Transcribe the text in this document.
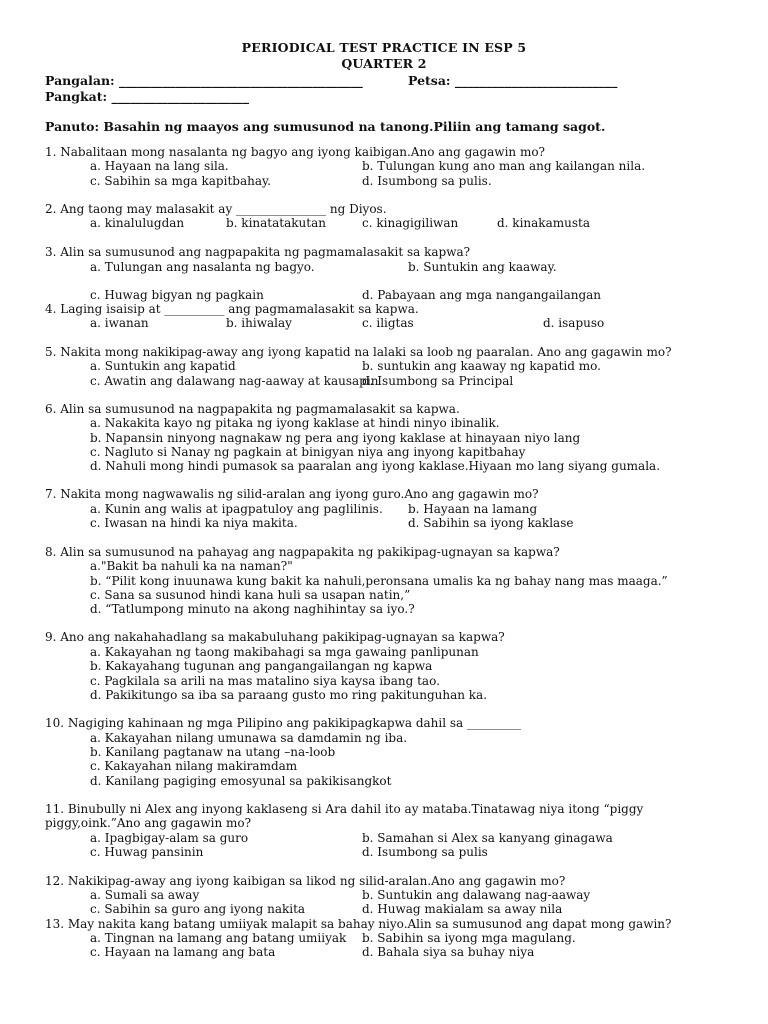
PERIODICAL TEST PRACTICE IN ESP 5
QUARTER 2
Pangalan: _______________________________________	Petsa: __________________________
Pangkat: ______________________
Panuto: Basahin ng maayos ang sumusunod na tanong.Piliin ang tamang sagot.
1. Nabalitaan mong nasalanta ng bagyo ang iyong kaibigan.Ano ang gagawin mo?
a. Hayaan na lang sila.	b. Tulungan kung ano man ang kailangan nila.
c. Sabihin sa mga kapitbahay.	d. Isumbong sa pulis.
2. Ang taong may malasakit ay _______________ ng Diyos.
a. kinalulugdan	b. kinatatakutan	c. kinagigiliwan	d. kinakamusta
3. Alin sa sumusunod ang nagpapakita ng pagmamalasakit sa kapwa?
a. Tulungan ang nasalanta ng bagyo.	b. Suntukin ang kaaway.
c. Huwag bigyan ng pagkain	d. Pabayaan ang mga nangangailangan
4. Laging isaisip at __________ ang pagmamalasakit sa kapwa.
a. iwanan	b. ihiwalay	c. iligtas	d. isapuso
5. Nakita mong nakikipag-away ang iyong kapatid na lalaki sa loob ng paaralan. Ano ang gagawin mo?
a. Suntukin ang kapatid	b. suntukin ang kaaway ng kapatid mo.
c. Awatin ang dalawang nag-aaway at kausapin
d. Isumbong sa Principal
6. Alin sa sumusunod na nagpapakita ng pagmamalasakit sa kapwa.
a. Nakakita kayo ng pitaka ng iyong kaklase at hindi ninyo ibinalik.
b. Napansin ninyong nagnakaw ng pera ang iyong kaklase at hinayaan niyo lang
c. Nagluto si Nanay ng pagkain at binigyan niya ang inyong kapitbahay
d. Nahuli mong hindi pumasok sa paaralan ang iyong kaklase.Hiyaan mo lang siyang gumala.
7. Nakita mong nagwawalis ng silid-aralan ang iyong guro.Ano ang gagawin mo?
a. Kunin ang walis at ipagpatuloy ang paglilinis. b. Hayaan na lamang
c. Iwasan na hindi ka niya makita.	d. Sabihin sa iyong kaklase
8. Alin sa sumusunod na pahayag ang nagpapakita ng pakikipag-ugnayan sa kapwa?
a."Bakit ba nahuli ka na naman?"
b. “Pilit kong inuunawa kung bakit ka nahuli,peronsana umalis ka ng bahay nang mas maaga.”
c. Sana sa susunod hindi kana huli sa usapan natin,”
d. “Tatlumpong minuto na akong naghihintay sa iyo.?
9. Ano ang nakahahadlang sa makabuluhang pakikipag-ugnayan sa kapwa?
a. Kakayahan ng taong makibahagi sa mga gawaing panlipunan
b. Kakayahang tugunan ang pangangailangan ng kapwa
c. Pagkilala sa arili na mas matalino siya kaysa ibang tao.
d. Pakikitungo sa iba sa paraang gusto mo ring pakitunguhan ka.
10. Nagiging kahinaan ng mga Pilipino ang pakikipagkapwa dahil sa _________
a. Kakayahan nilang umunawa sa damdamin ng iba.
b. Kanilang pagtanaw na utang –na-loob
c. Kakayahan nilang makiramdam
d. Kanilang pagiging emosyunal sa pakikisangkot
11. Binubully ni Alex ang inyong kaklaseng si Ara dahil ito ay mataba.Tinatawag niya itong “piggy
piggy,oink.”Ano ang gagawin mo?
a. Ipagbigay-alam sa guro	b. Samahan si Alex sa kanyang ginagawa
c. Huwag pansinin	d. Isumbong sa pulis
12. Nakikipag-away ang iyong kaibigan sa likod ng silid-aralan.Ano ang gagawin mo?
a. Sumali sa away	b. Suntukin ang dalawang nag-aaway
c. Sabihin sa guro ang iyong nakita	d. Huwag makialam sa away nila
13. May nakita kang batang umiiyak malapit sa bahay niyo.Alin sa sumusunod ang dapat mong gawin?
a. Tingnan na lamang ang batang umiiyak b. Sabihin sa iyong mga magulang.
c. Hayaan na lamang ang bata	d. Bahala siya sa buhay niya
